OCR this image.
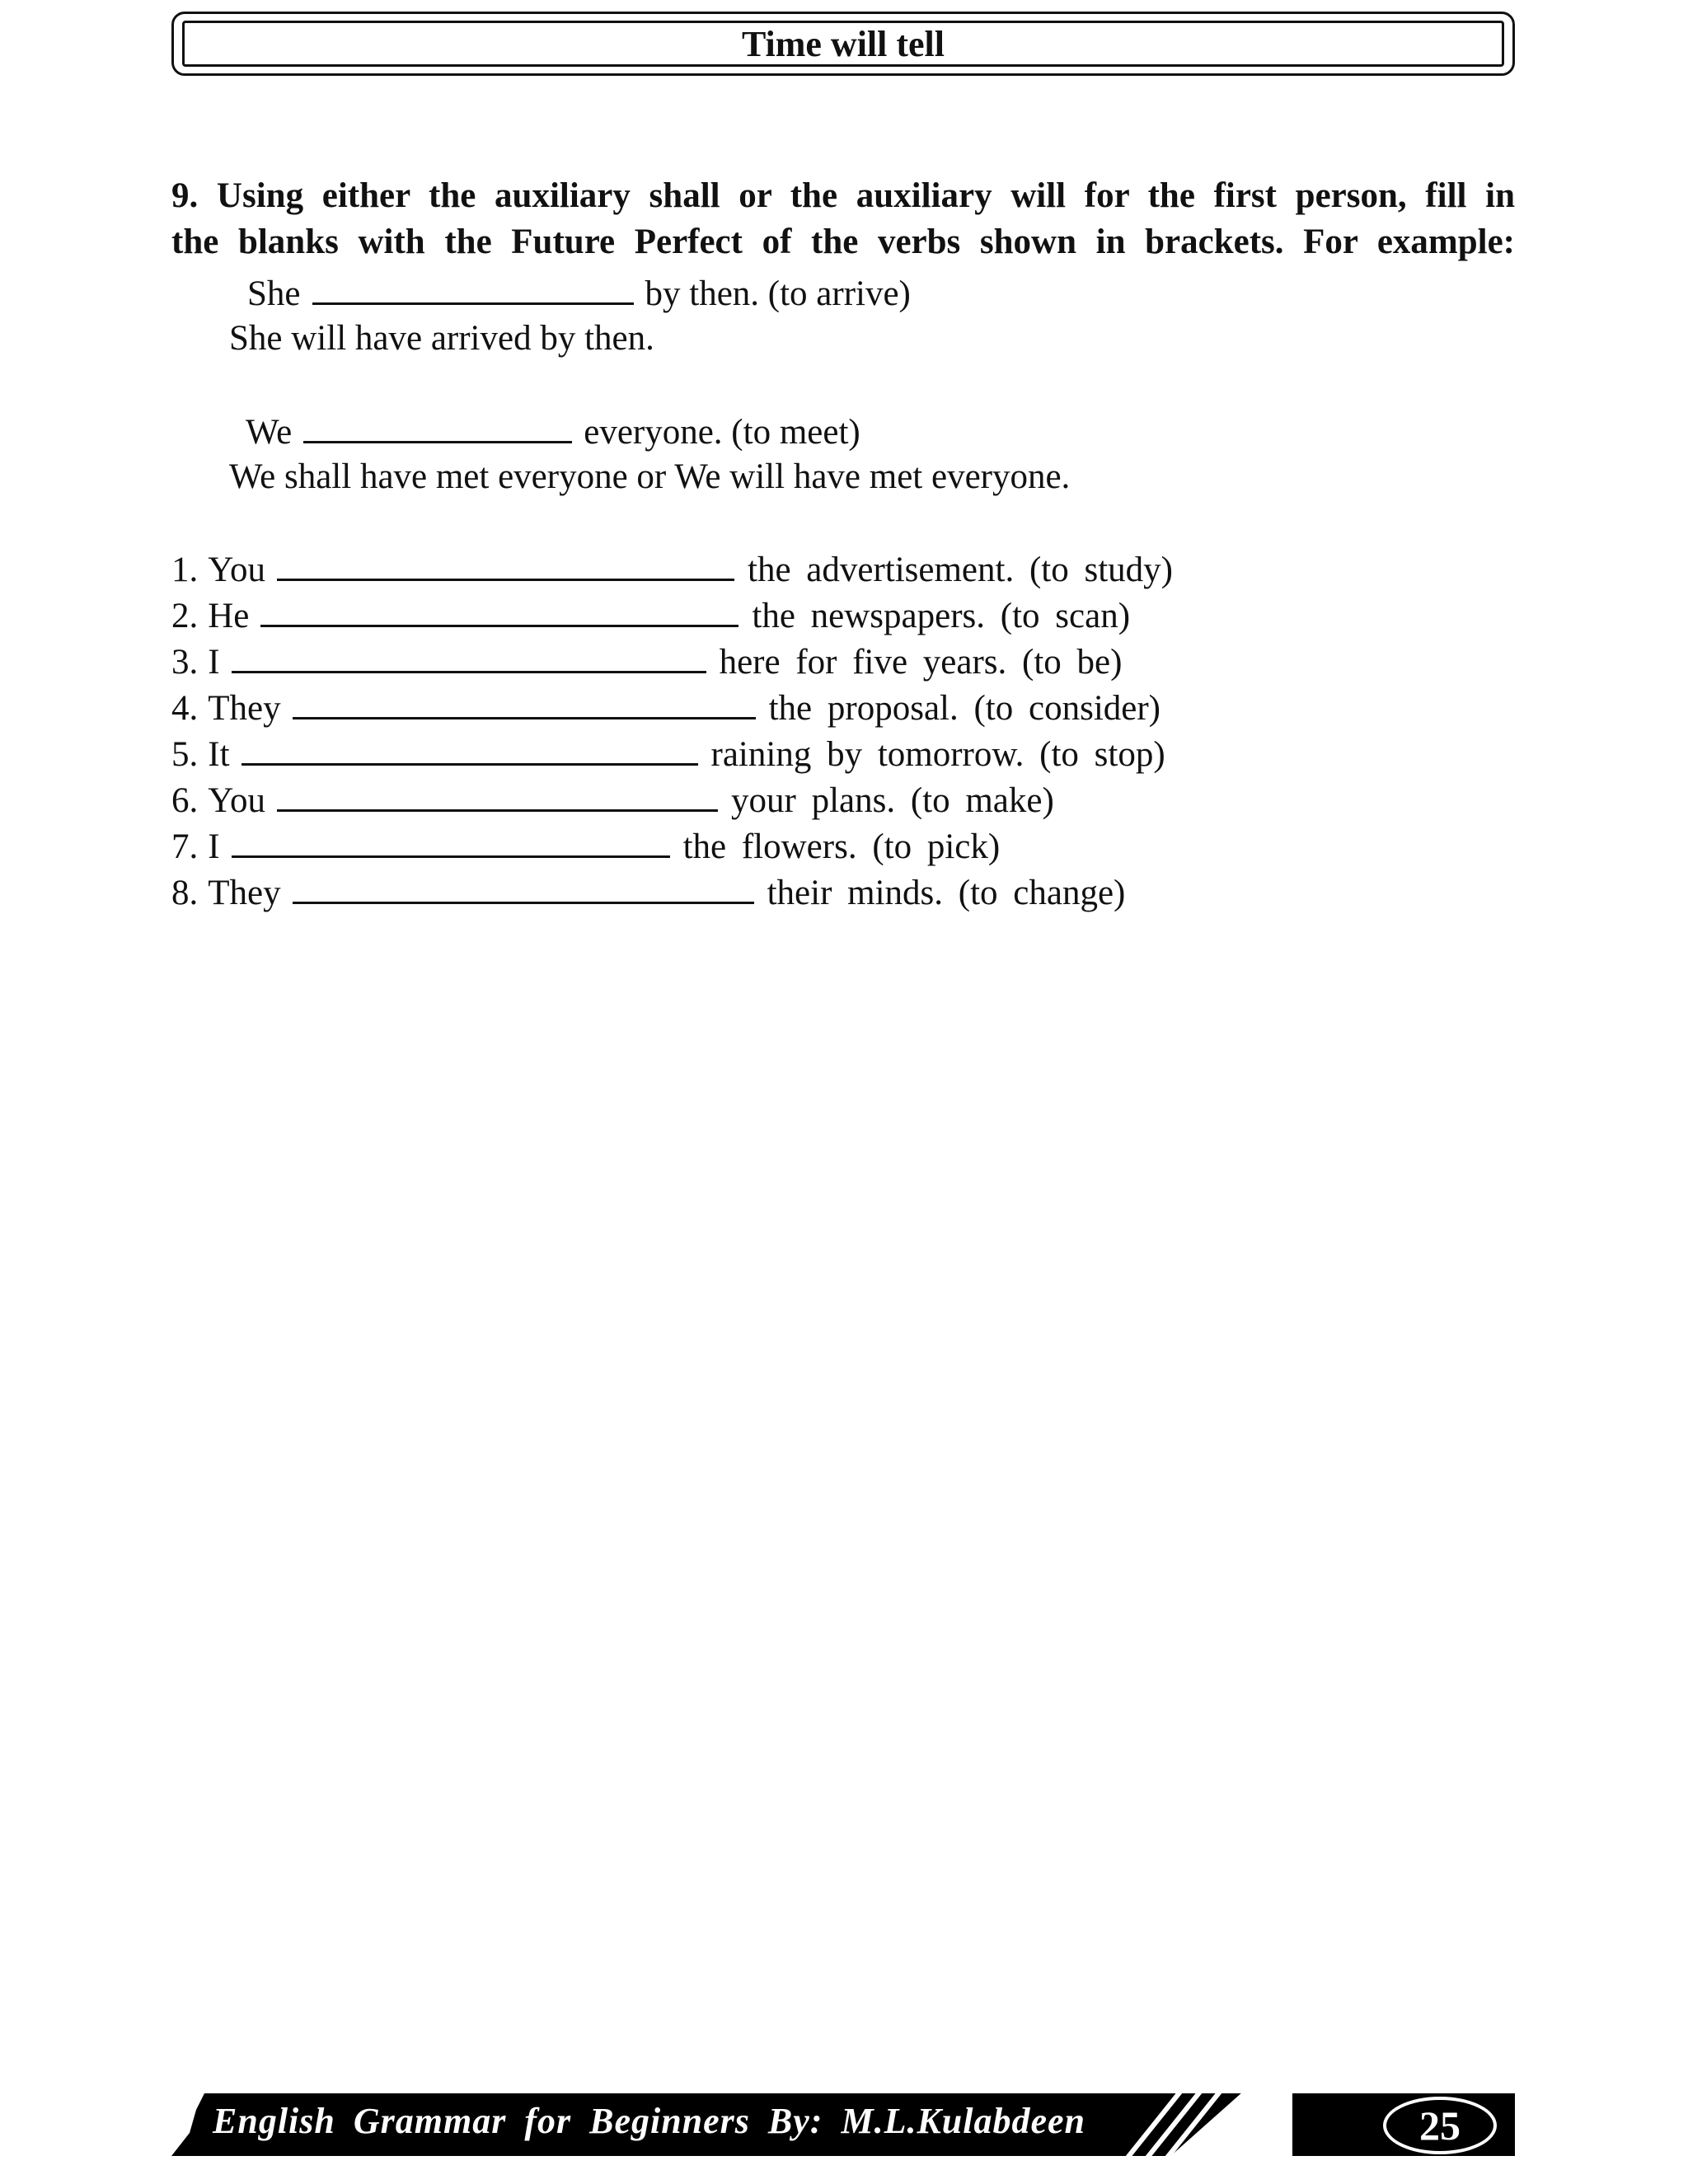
Time will tell
9. Using either the auxiliary shall or the auxiliary will for the first person, fill in
the blanks with the Future Perfect of the verbs shown in brackets. For example:
She	by then. (to arrive)
She will have arrived by then.
We	everyone. (to meet)
We shall have met everyone or We will have met everyone.
1. You	the advertisement. (to study)
2. He	the newspapers. (to scan)
3. I	here for five years. (to be)
4. They	the proposal. (to consider)
5. It	raining by tomorrow. (to stop)
6. You	your plans. (to make)
7. I	the flowers. (to pick)
8. They	their minds. (to change)
English Grammar for Beginners By: M.L.Kulabdeen	25
